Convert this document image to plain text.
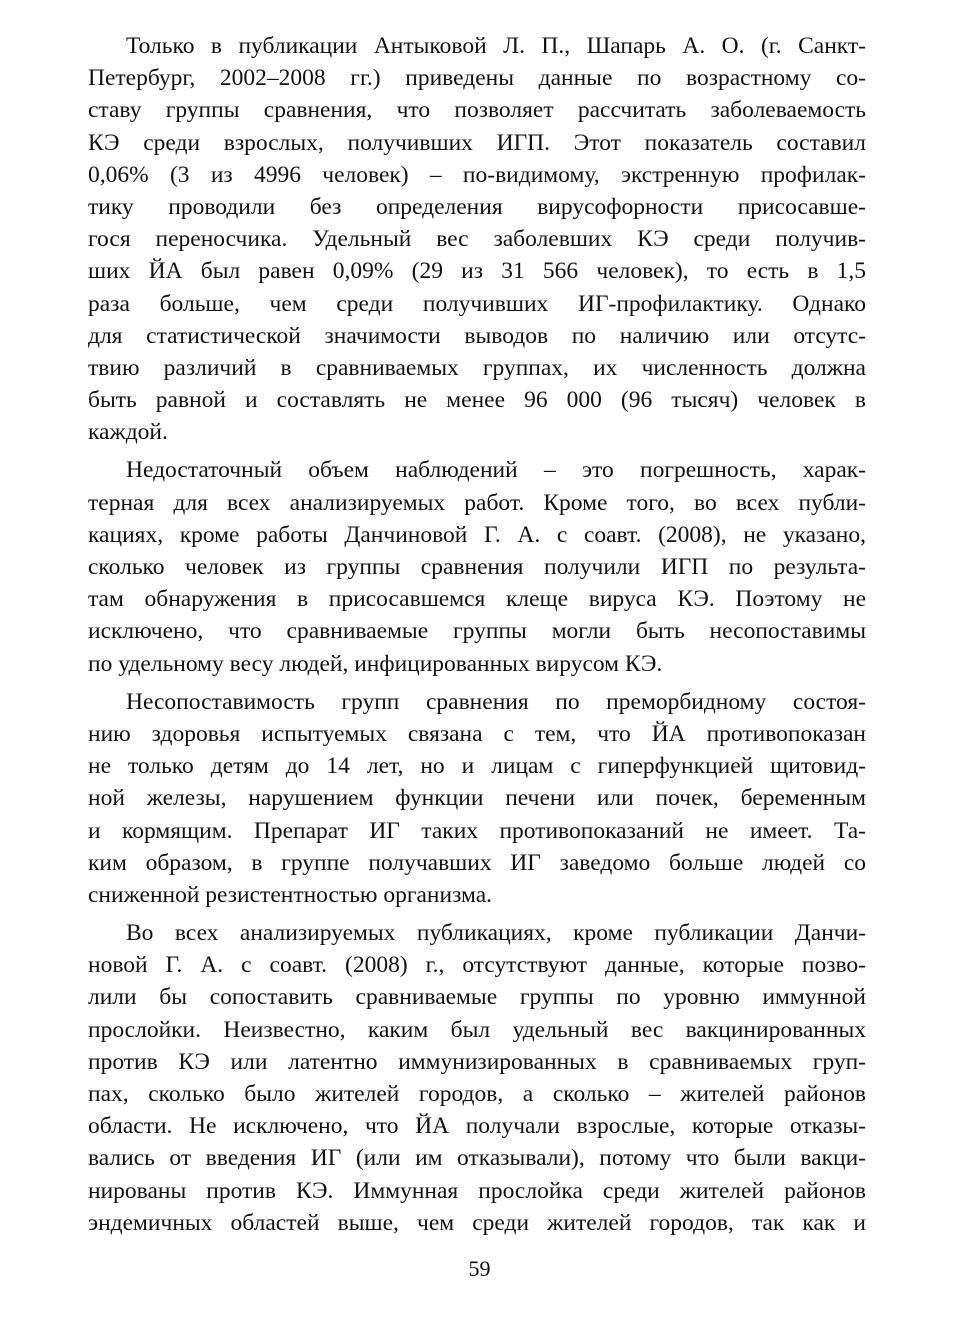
Только в публикации Антыковой Л. П., Шапарь А. О. (г. Санкт-
Петербург, 2002–2008 гг.) приведены данные по возрастному со-
ставу группы сравнения, что позволяет рассчитать заболеваемость
КЭ среди взрослых, получивших ИГП. Этот показатель составил
0,06% (3 из 4996 человек) – по-видимому, экстренную профилак-
тику проводили без определения вирусофорности присосавше-
гося переносчика. Удельный вес заболевших КЭ среди получив-
ших ЙА был равен 0,09% (29 из 31 566 человек), то есть в 1,5
раза больше, чем среди получивших ИГ-профилактику. Однако
для статистической значимости выводов по наличию или отсутс-
твию различий в сравниваемых группах, их численность должна
быть равной и составлять не менее 96 000 (96 тысяч) человек в
каждой.
Недостаточный объем наблюдений – это погрешность, харак-
терная для всех анализируемых работ. Кроме того, во всех публи-
кациях, кроме работы Данчиновой Г. А. с соавт. (2008), не указано,
сколько человек из группы сравнения получили ИГП по результа-
там обнаружения в присосавшемся клеще вируса КЭ. Поэтому не
исключено, что сравниваемые группы могли быть несопоставимы
по удельному весу людей, инфицированных вирусом КЭ.
Несопоставимость групп сравнения по преморбидному состоя-
нию здоровья испытуемых связана с тем, что ЙА противопоказан
не только детям до 14 лет, но и лицам с гиперфункцией щитовид-
ной железы, нарушением функции печени или почек, беременным
и кормящим. Препарат ИГ таких противопоказаний не имеет. Та-
ким образом, в группе получавших ИГ заведомо больше людей со
сниженной резистентностью организма.
Во всех анализируемых публикациях, кроме публикации Данчи-
новой Г. А. с соавт. (2008) г., отсутствуют данные, которые позво-
лили бы сопоставить сравниваемые группы по уровню иммунной
прослойки. Неизвестно, каким был удельный вес вакцинированных
против КЭ или латентно иммунизированных в сравниваемых груп-
пах, сколько было жителей городов, а сколько – жителей районов
области. Не исключено, что ЙА получали взрослые, которые отказы-
вались от введения ИГ (или им отказывали), потому что были вакци-
нированы против КЭ. Иммунная прослойка среди жителей районов
эндемичных областей выше, чем среди жителей городов, так как и
59
